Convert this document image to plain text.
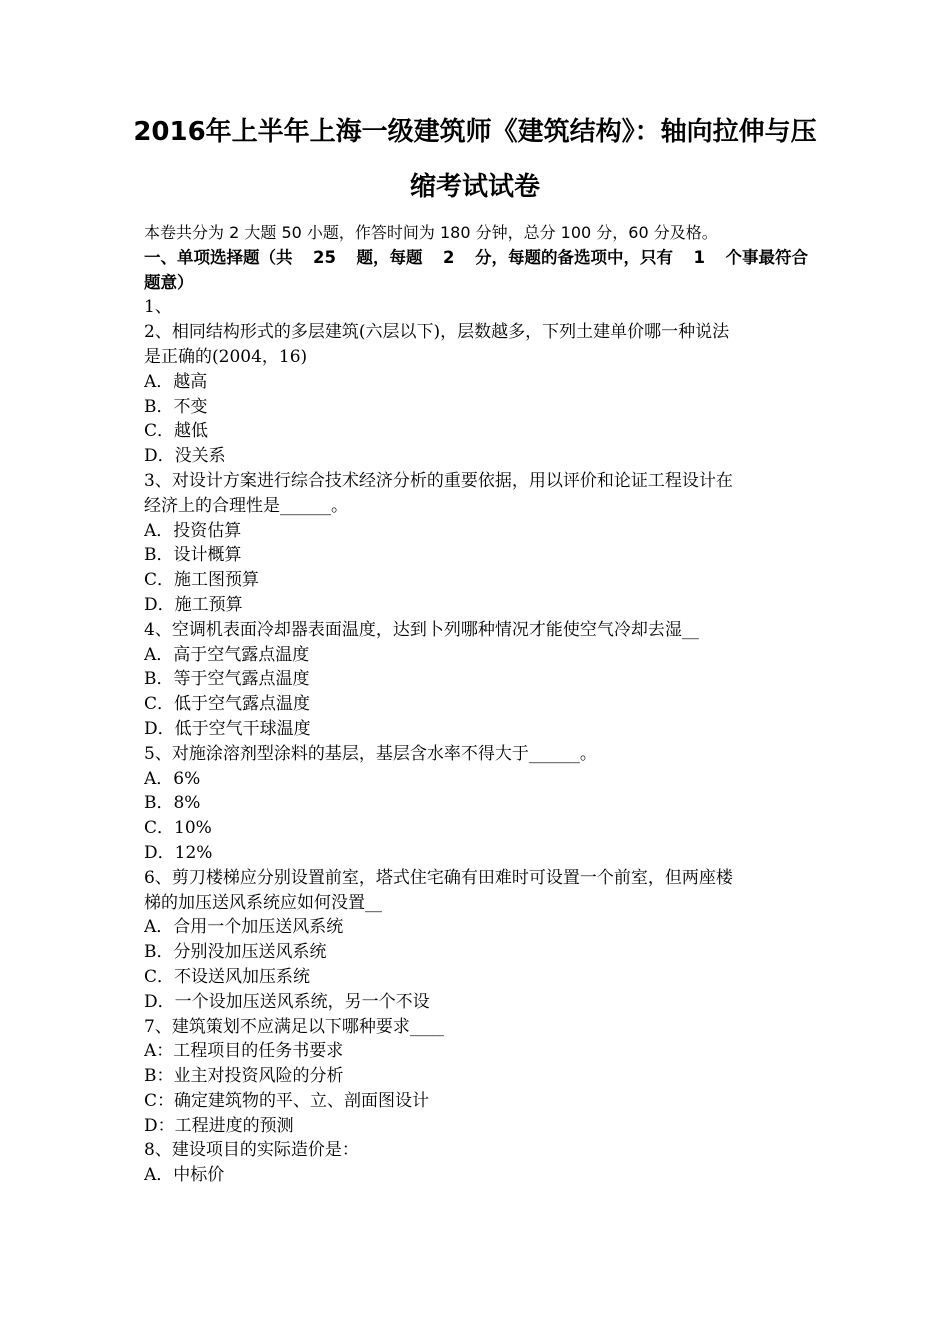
2016年上半年上海一级建筑师《建筑结构》：轴向拉伸与压
缩考试试卷
本卷共分为 2 大题 50 小题，作答时间为 180 分钟，总分 100 分，60 分及格。
一、单项选择题（共 25 题，每题 2 分，每题的备选项中，只有 1 个事最符合
题意）
1、
2、相同结构形式的多层建筑(六层以下)，层数越多，下列土建单价哪一种说法
是正确的(2004，16)
A．越高
B．不变
C．越低
D．没关系
3、对设计方案进行综合技术经济分析的重要依据，用以评价和论证工程设计在
经济上的合理性是______。
A．投资估算
B．设计概算
C．施工图预算
D．施工预算
4、空调机表面冷却器表面温度，达到卜列哪种情况才能使空气冷却去湿__
A．高于空气露点温度
B．等于空气露点温度
C．低于空气露点温度
D．低于空气干球温度
5、对施涂溶剂型涂料的基层，基层含水率不得大于______。
A．6%
B．8%
C．10%
D．12%
6、剪刀楼梯应分别设置前室，塔式住宅确有田难时可设置一个前室，但两座楼
梯的加压送风系统应如何没置__
A．合用一个加压送风系统
B．分别没加压送风系统
C．不设送风加压系统
D．一个设加压送风系统，另一个不设
7、建筑策划不应满足以下哪种要求____
A：工程项目的任务书要求
B：业主对投资风险的分析
C：确定建筑物的平、立、剖面图设计
D：工程进度的预测
8、建设项目的实际造价是：
A．中标价
